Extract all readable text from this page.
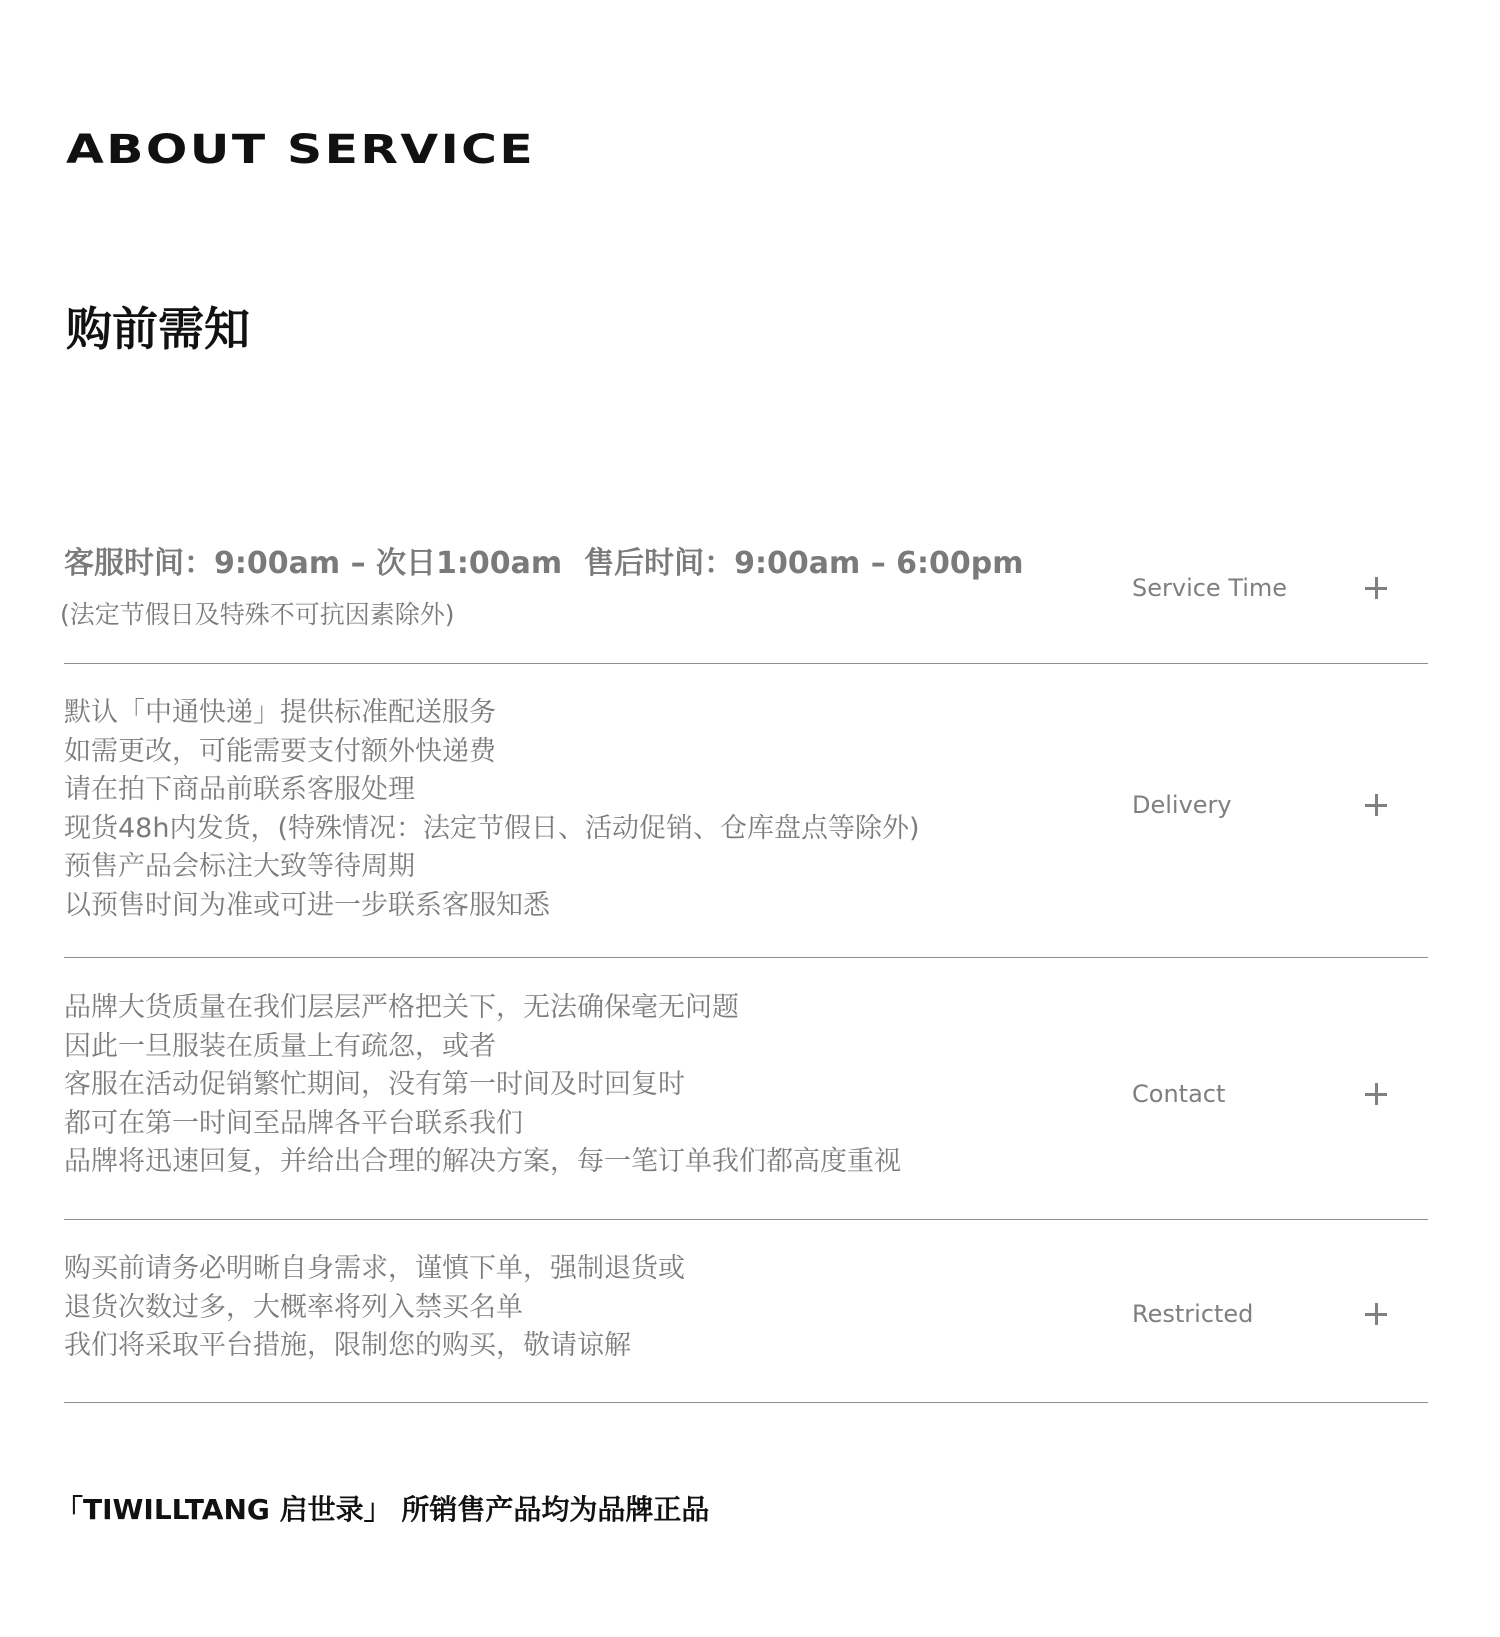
ABOUT SERVICE
购前需知
客服时间：9:00am – 次日1:00am 售后时间：9:00am – 6:00pm
(法定节假日及特殊不可抗因素除外)
Service Time

默认「中通快递」提供标准配送服务

如需更改，可能需要支付额外快递费

请在拍下商品前联系客服处理

现货48h内发货，(特殊情况：法定节假日、活动促销、仓库盘点等除外)

预售产品会标注大致等待周期

以预售时间为准或可进一步联系客服知悉

Delivery

品牌大货质量在我们层层严格把关下，无法确保毫无问题

因此一旦服装在质量上有疏忽，或者

客服在活动促销繁忙期间，没有第一时间及时回复时

都可在第一时间至品牌各平台联系我们

品牌将迅速回复，并给出合理的解决方案，每一笔订单我们都高度重视

Contact

购买前请务必明晰自身需求，谨慎下单，强制退货或

退货次数过多，大概率将列入禁买名单

我们将采取平台措施，限制您的购买，敬请谅解

Restricted
「TIWILLTANG 启世录」 所销售产品均为品牌正品
